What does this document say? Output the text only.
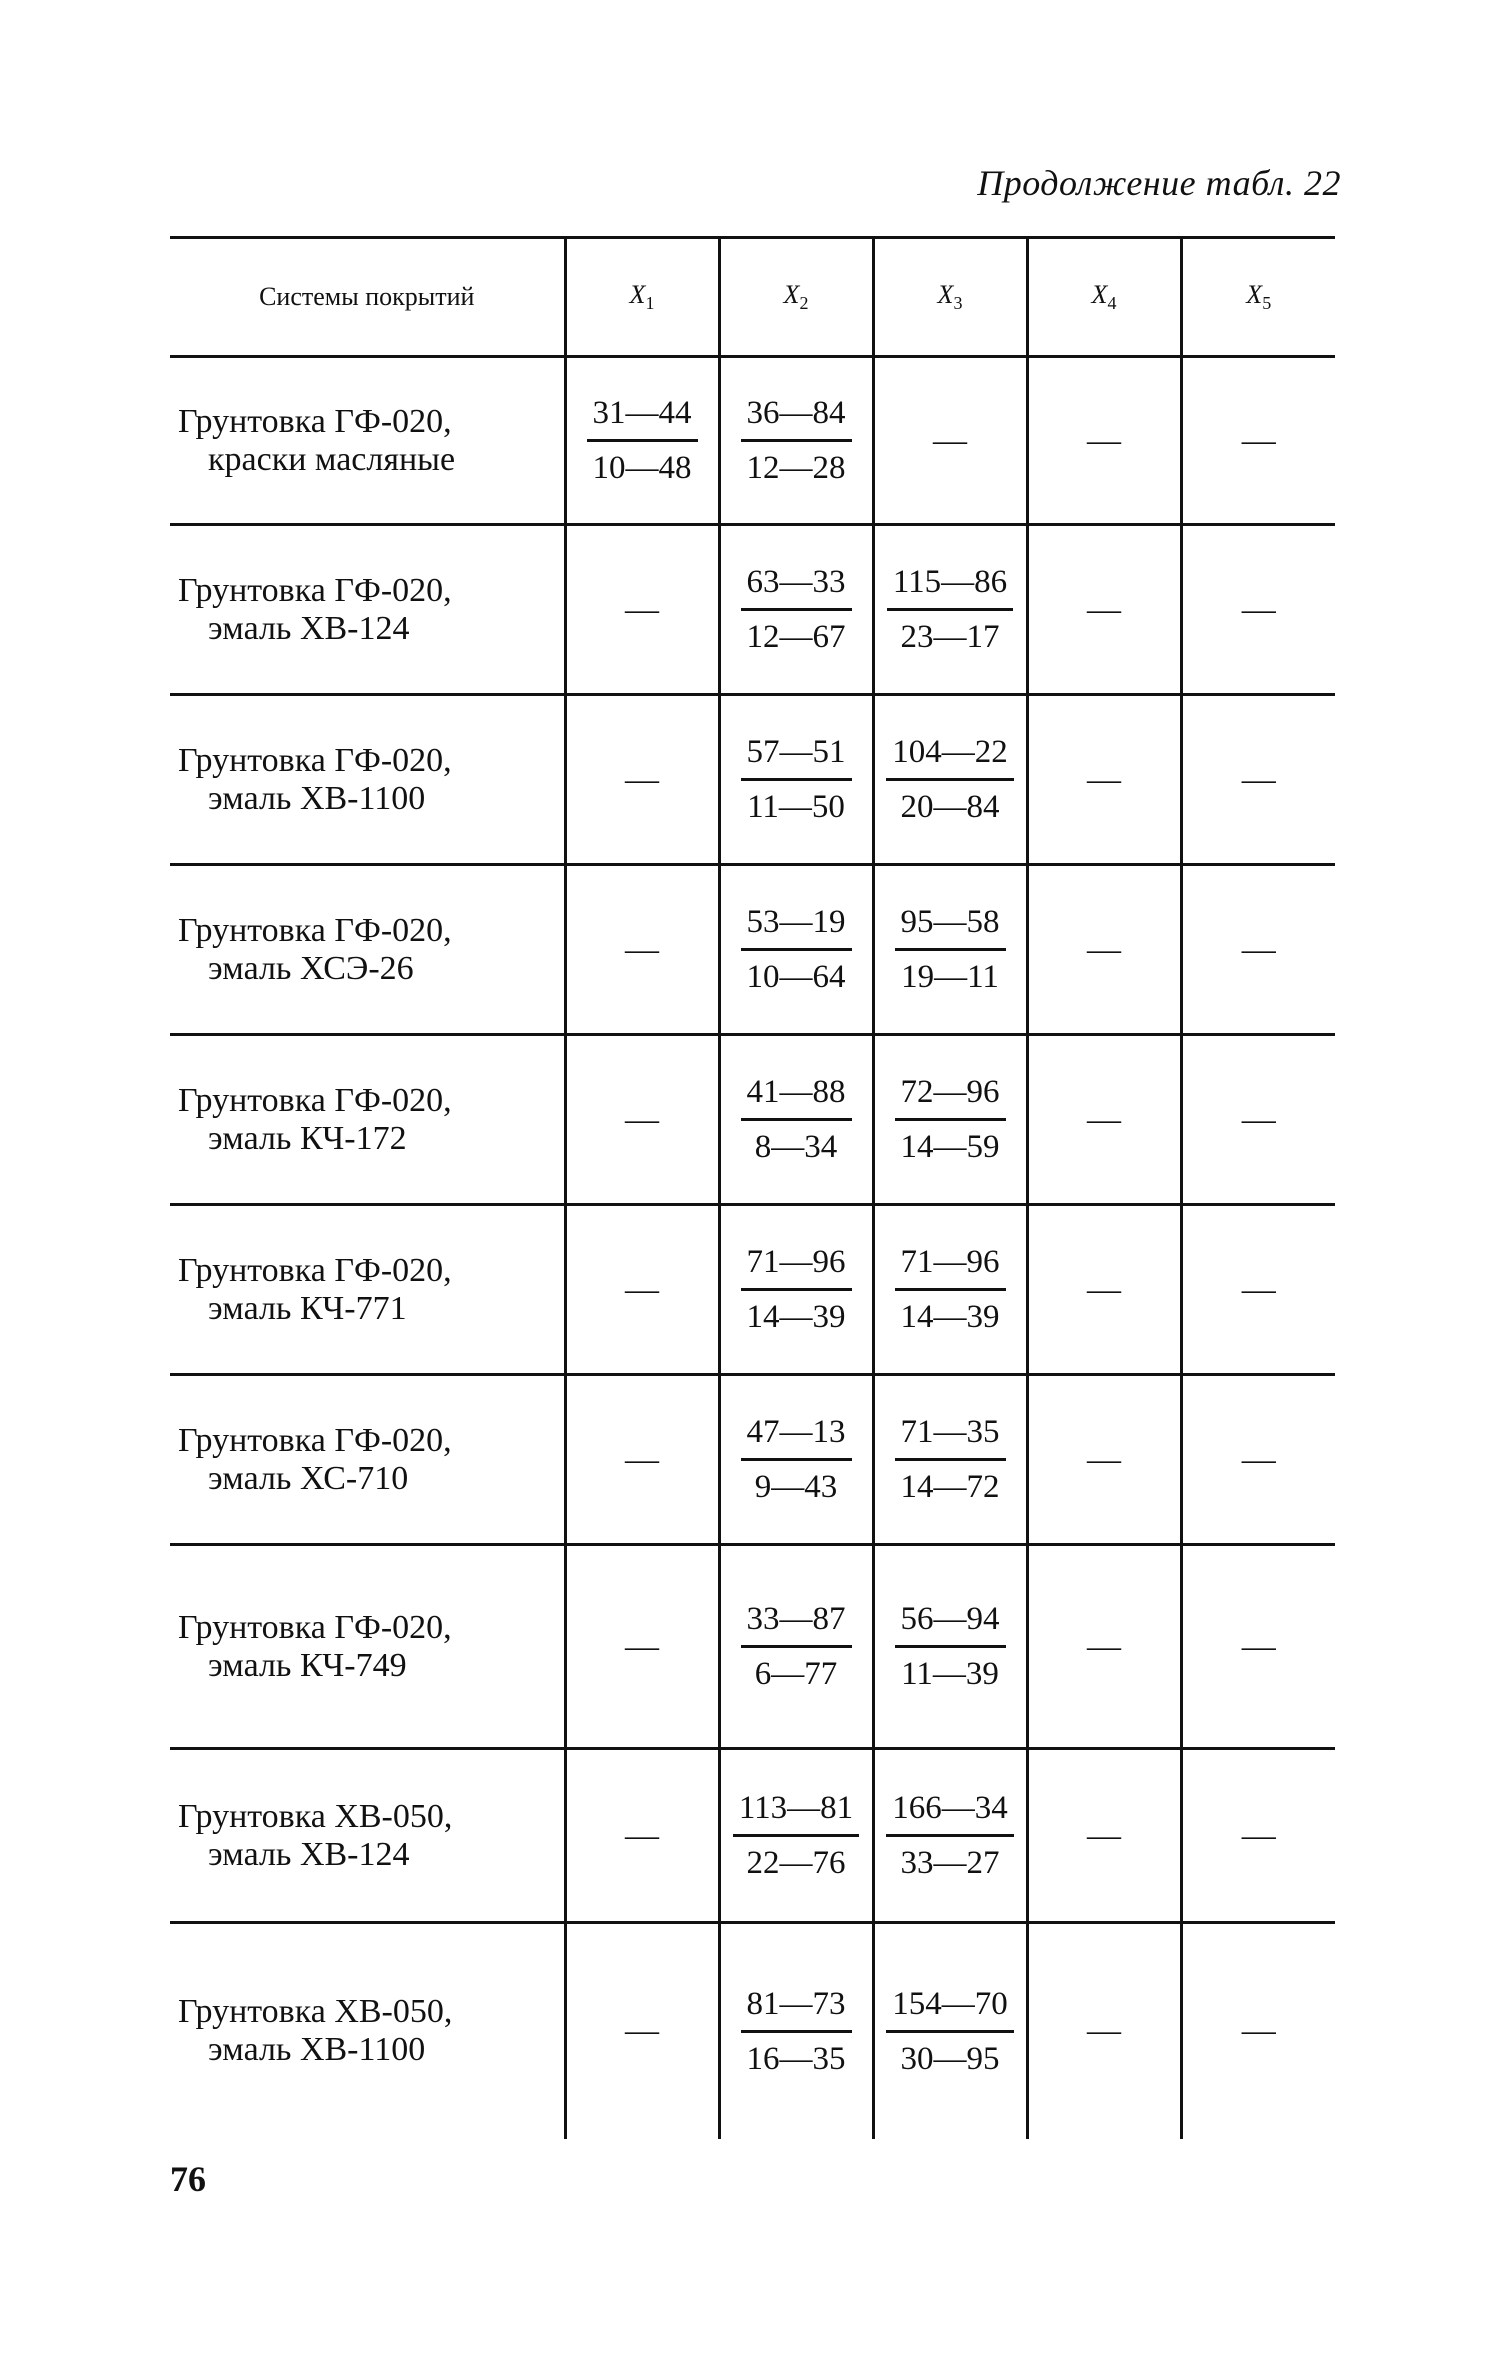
Продолжение табл. 22
Системы покрытий	$X_1$	$X_2$	$X_3$	$X_4$	$X_5$

Грунтовка ГФ-020,
краски масляные	$\frac{31—44}{10—48}$	$\frac{36—84}{12—28}$	—	—	—

Грунтовка ГФ-020,
эмаль ХВ-124	—	$\frac{63—33}{12—67}$	$\frac{115—86}{23—17}$	—	—

Грунтовка ГФ-020,
эмаль ХВ-1100	—	$\frac{57—51}{11—50}$	$\frac{104—22}{20—84}$	—	—

Грунтовка ГФ-020,
эмаль ХСЭ-26	—	$\frac{53—19}{10—64}$	$\frac{95—58}{19—11}$	—	—

Грунтовка ГФ-020,
эмаль КЧ-172	—	$\frac{41—88}{8—34}$	$\frac{72—96}{14—59}$	—	—

Грунтовка ГФ-020,
эмаль КЧ-771	—	$\frac{71—96}{14—39}$	$\frac{71—96}{14—39}$	—	—

Грунтовка ГФ-020,
эмаль ХС-710	—	$\frac{47—13}{9—43}$	$\frac{71—35}{14—72}$	—	—

Грунтовка ГФ-020,
эмаль КЧ-749	—	$\frac{33—87}{6—77}$	$\frac{56—94}{11—39}$	—	—

Грунтовка ХВ-050,
эмаль ХВ-124	—	$\frac{113—81}{22—76}$	$\frac{166—34}{33—27}$	—	—

Грунтовка ХВ-050,
эмаль ХВ-1100	—	$\frac{81—73}{16—35}$	$\frac{154—70}{30—95}$	—	—
76
